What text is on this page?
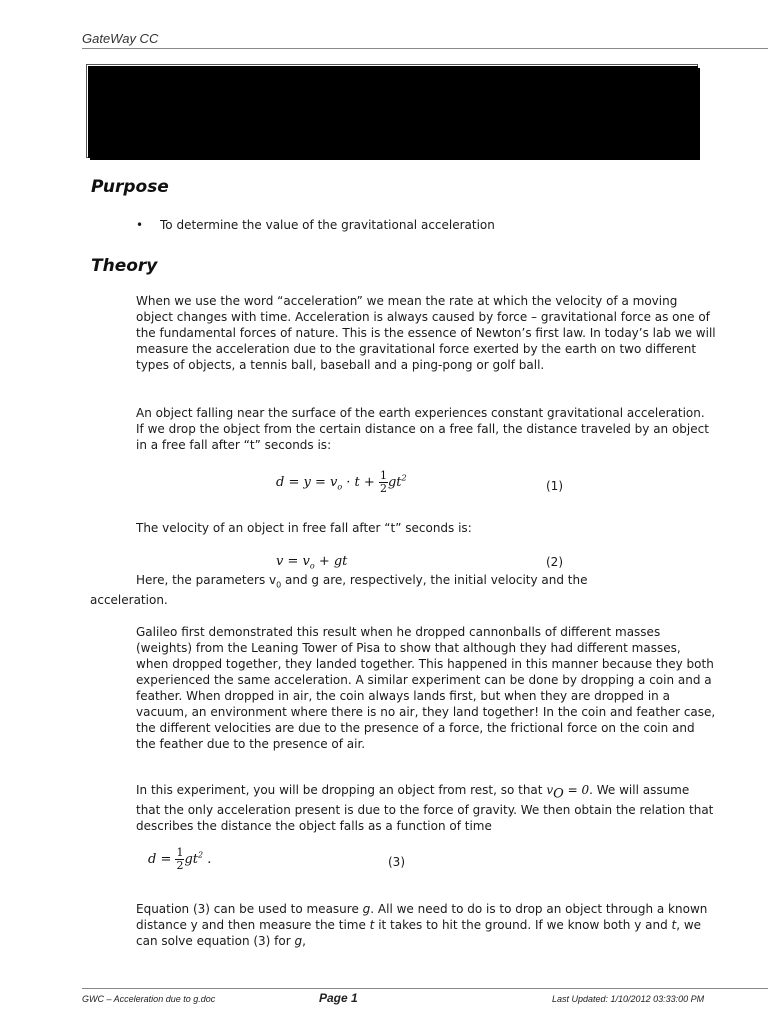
GateWay CC
Purpose
• To determine the value of the gravitational acceleration
Theory

When we use the word “acceleration” we mean the rate at which the velocity of a moving object changes with time. Acceleration is always caused by force – gravitational force as one of the fundamental forces of nature. This is the essence of Newton’s first law. In today’s lab we will measure the acceleration due to the gravitational force exerted by the earth on two different types of objects, a tennis ball, baseball and a ping-pong or golf ball.

An object falling near the surface of the earth experiences constant gravitational acceleration. If we drop the object from the certain distance on a free fall, the distance traveled by an object in a free fall after “t” seconds is:

$d = y = v_o \cdot t + \frac{1}{2} gt^2$
(1)

The velocity of an object in free fall after “t” seconds is:

$v = v_o$ + gt	(2)
Here, the parameters $v_0$ and g are, respectively, the initial velocity and the
acceleration.

Galileo first demonstrated this result when he dropped cannonballs of different masses (weights) from the Leaning Tower of Pisa to show that although they had different masses, when dropped together, they landed together. This happened in this manner because they both experienced the same acceleration. A similar experiment can be done by dropping a coin and a feather. When dropped in air, the coin always lands first, but when they are dropped in a vacuum, an environment where there is no air, they land together! In the coin and feather case, the different velocities are due to the presence of a force, the frictional force on the coin and the feather due to the presence of air.

In this experiment, you will be dropping an object from rest, so that $v_O = 0$. We will assume that the only acceleration present is due to the force of gravity. We then obtain the relation that describes the distance the object falls as a function of time

$d = \frac{1}{2} gt^2$ .	(3)

Equation (3) can be used to measure g. All we need to do is to drop an object through a known distance y and then measure the time t it takes to hit the ground. If we know both y and t, we can solve equation (3) for g,

GWC – Acceleration due to g.doc	Page 1	Last Updated: 1/10/2012 03:33:00 PM
